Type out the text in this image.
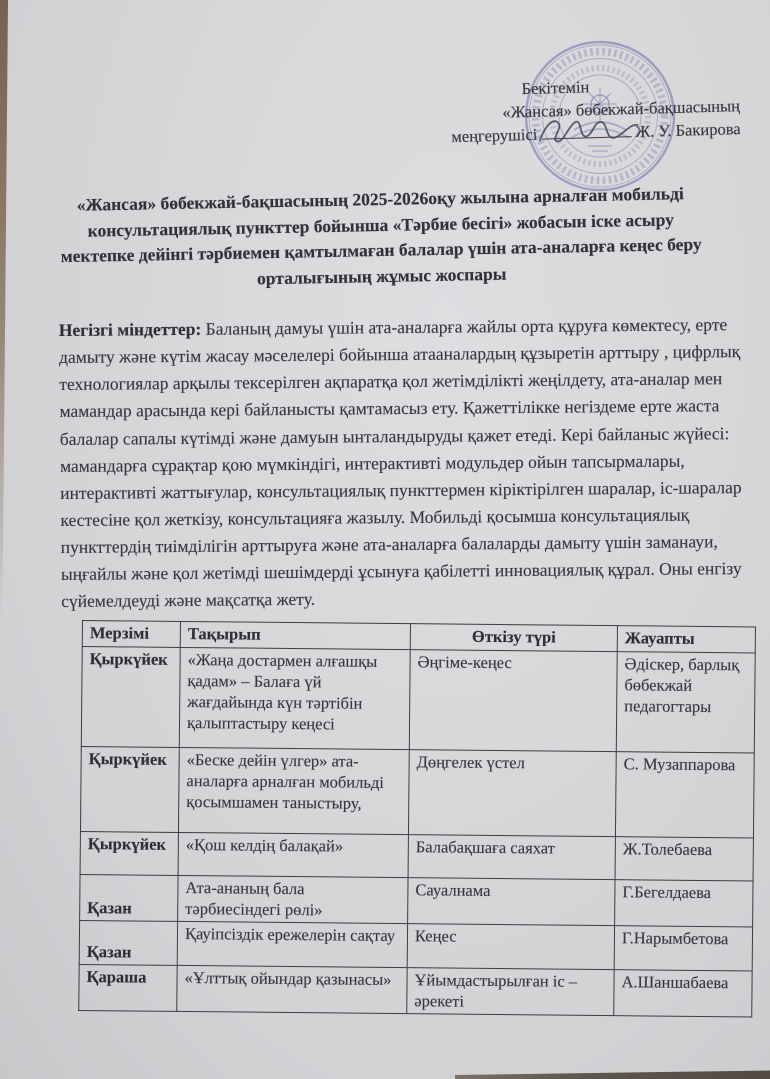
Бекітемін
«Жансая» бөбекжай-бақшасының
меңгерушісі	Ж. У. Бакирова
«Жансая» бөбекжай-бақшасының 2025-2026оқу жылына арналған мобильді консультациялық пункттер бойынша «Тәрбие бесігі» жобасын іске асыру мектепке дейінгі тәрбиемен қамтылмаған балалар үшін ата-аналарға кеңес беру орталығының жұмыс жоспары

Негізгі міндеттер: Баланың дамуы үшін ата-аналарға жайлы орта құруға көмектесу, ерте дамыту және күтім жасау мәселелері бойынша атааналардың құзыретін арттыру , цифрлық технологиялар арқылы тексерілген ақпаратқа қол жетімділікті жеңілдету, ата-аналар мен мамандар арасында кері байланысты қамтамасыз ету. Қажеттілікке негіздеме ерте жаста балалар сапалы күтімді және дамуын ынталандыруды қажет етеді. Кері байланыс жүйесі: мамандарға сұрақтар қою мүмкіндігі, интерактивті модульдер ойын тапсырмалары, интерактивті жаттығулар, консультациялық пункттермен кіріктірілген шаралар, іс-шаралар кестесіне қол жеткізу, консультацияға жазылу. Мобильді қосымша консультациялық пункттердің тиімділігін арттыруға және ата-аналарға балаларды дамыту үшін заманауи, ыңғайлы және қол жетімді шешімдерді ұсынуға қабілетті инновациялық құрал. Оны енгізу сүйемелдеуді және мақсатқа жету.

Мерзімі	Тақырып	Өткізу түрі	Жауапты
Қыркүйек	«Жаңа достармен алғашқы қадам» – Балаға үй жағдайында күн тәртібін қалыптастыру кеңесі	Әңгіме-кеңес	Әдіскер, барлық бөбекжай педагогтары
Қыркүйек	«Беске дейін үлгер» ата-аналарға арналған мобильді қосымшамен таныстыру,	Дөңгелек үстел	С. Музаппарова
Қыркүйек	«Қош келдің балақай»	Балабақшаға саяхат	Ж.Толебаева
Қазан	Ата-ананың бала тәрбиесіндегі рөлі»	Сауалнама	Г.Бегелдаева
Қазан	Қауіпсіздік ережелерін сақтау	Кеңес	Г.Нарымбетова
Қараша	«Ұлттық ойындар қазынасы»	Ұйымдастырылған іс –әрекеті	А.Шаншабаева
